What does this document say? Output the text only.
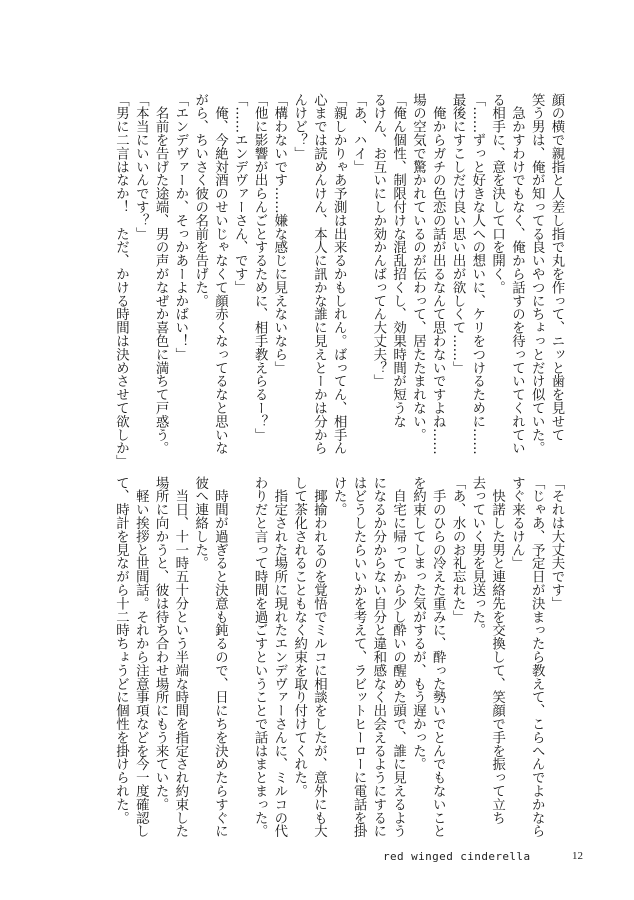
顔の横で親指と人差し指で丸を作って、ニッと歯を見せて
笑う男は、俺が知ってる良いやつにちょっとだけ似ていた。
　急かすわけでもなく、俺から話すのを待っていてくれてい
る相手に、意を決して口を開く。
「……ずっと好きな人への想いに、ケリをつけるために……
最後にすこしだけ良い思い出が欲しくて……」
　俺からガチの色恋の話が出るなんて思わないですよね……
場の空気で驚かれているのが伝わって、居たたまれない。
「俺ん個性、制限付けな混乱招くし、効果時間が短うな
るけん、お互いにしか効かんばってん大丈夫？」
「あ、ハイ」
「親しかりゃあ予測は出来るかもしれん。ばってん、相手ん
心までは読めんけん、本人に訊かな誰に見えとーかは分から
んけど？」
「構わないです……嫌な感じに見えないなら」
「他に影響が出らんごとするために、相手教えらるー？」
「……エンデヴァーさん、です」
　俺、今絶対酒のせいじゃなくて顔赤くなってるなと思いな
がら、ちいさく彼の名前を告げた。
「エンデヴァーか、そっかあーよかばい！」
　名前を告げた途端、男の声がなぜか喜色に満ちて戸惑う。
「本当にいいんです？」
「男に二言はなか！　ただ、かける時間は決めさせて欲しか」
「それは大丈夫です」
「じゃあ、予定日が決まったら教えて、こらへんでよかなら
すぐ来るけん」
　快諾した男と連絡先を交換して、笑顔で手を振って立ち
去っていく男を見送った。
「あ、水のお礼忘れた」
　手のひらの冷えた重みに、酔った勢いでとんでもないこと
を約束してしまった気がするが、もう遅かった。
　自宅に帰ってから少し酔いの醒めた頭で、誰に見えるよう
になるか分からない自分と違和感なく出会えるようにするに
はどうしたらいいかを考えて、ラビットヒーローに電話を掛
けた。
　揶揄われるのを覚悟でミルコに相談をしたが、意外にも大
して茶化されることもなく約束を取り付けてくれた。
　指定された場所に現れたエンデヴァーさんに、ミルコの代
わりだと言って時間を過ごすということで話はまとまった。
　時間が過ぎると決意も鈍るので、日にちを決めたらすぐに
彼へ連絡した。
　当日、十一時五十分という半端な時間を指定され約束した
場所に向かうと、彼は待ち合わせ場所にもう来ていた。
　軽い挨拶と世間話。それから注意事項などを今一度確認し
て、時計を見ながら十二時ちょうどに個性を掛けられた。
red winged cinderella	12
